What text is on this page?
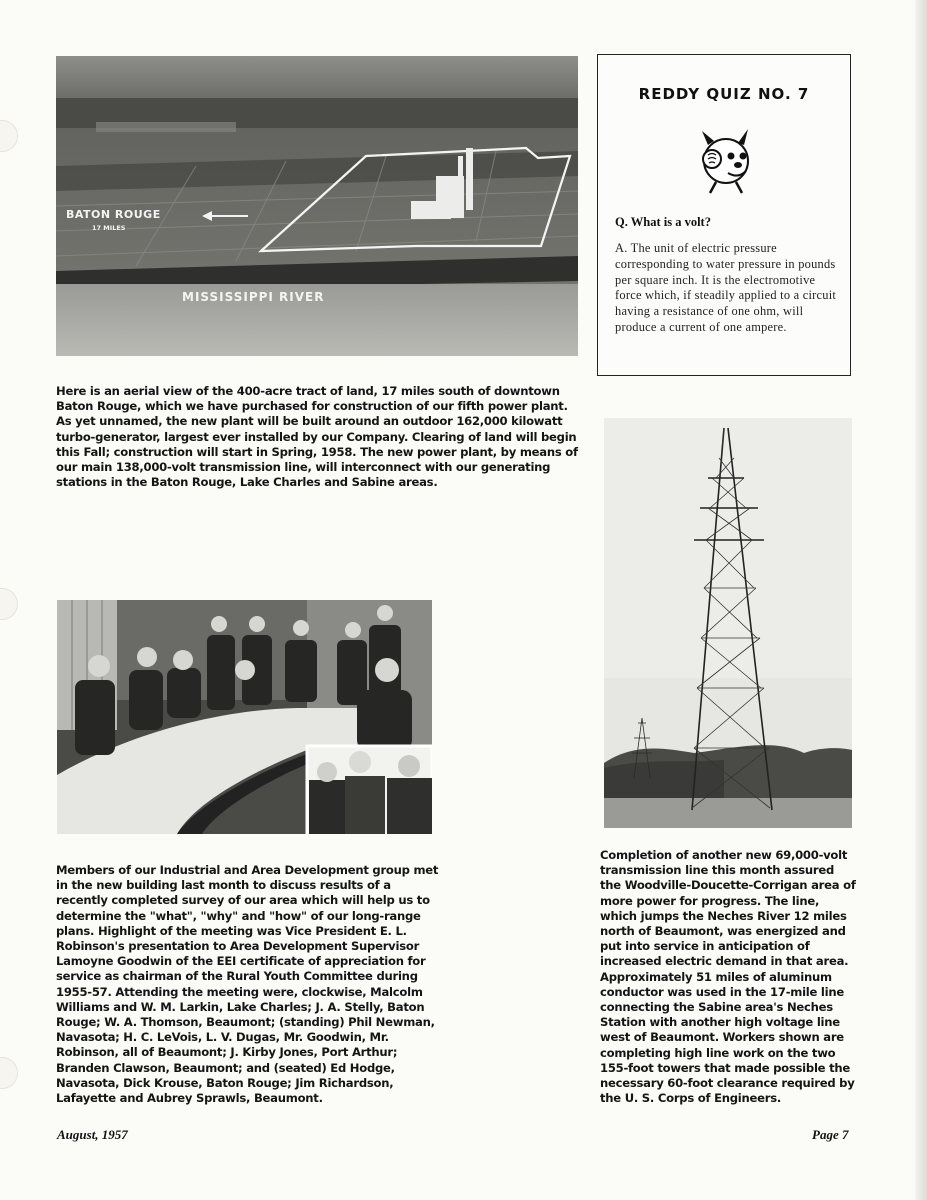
BATON ROUGE
17 MILES
MISSISSIPPI RIVER

Here is an aerial view of the 400-acre tract of land, 17 miles south of downtown Baton Rouge, which we have purchased for construction of our fifth power plant. As yet unnamed, the new plant will be built around an outdoor 162,000 kilowatt turbo-generator, largest ever installed by our Company. Clearing of land will begin this Fall; construction will start in Spring, 1958. The new power plant, by means of our main 138,000-volt transmission line, will interconnect with our generating stations in the Baton Rouge, Lake Charles and Sabine areas.

REDDY QUIZ NO. 7

Q. What is a volt?

A. The unit of electric pressure corresponding to water pressure in pounds per square inch. It is the electromotive force which, if steadily applied to a circuit having a resistance of one ohm, will produce a current of one ampere.

Members of our Industrial and Area Development group met in the new building last month to discuss results of a recently completed survey of our area which will help us to determine the "what", "why" and "how" of our long-range plans. Highlight of the meeting was Vice President E. L. Robinson's presentation to Area Development Supervisor Lamoyne Goodwin of the EEI certificate of appreciation for service as chairman of the Rural Youth Committee during 1955-57. Attending the meeting were, clockwise, Malcolm Williams and W. M. Larkin, Lake Charles; J. A. Stelly, Baton Rouge; W. A. Thomson, Beaumont; (standing) Phil Newman, Navasota; H. C. LeVois, L. V. Dugas, Mr. Goodwin, Mr. Robinson, all of Beaumont; J. Kirby Jones, Port Arthur; Branden Clawson, Beaumont; and (seated) Ed Hodge, Navasota, Dick Krouse, Baton Rouge; Jim Richardson, Lafayette and Aubrey Sprawls, Beaumont.

Completion of another new 69,000-volt transmission line this month assured the Woodville-Doucette-Corrigan area of more power for progress. The line, which jumps the Neches River 12 miles north of Beaumont, was energized and put into service in anticipation of increased electric demand in that area. Approximately 51 miles of aluminum conductor was used in the 17-mile line connecting the Sabine area's Neches Station with another high voltage line west of Beaumont. Workers shown are completing high line work on the two 155-foot towers that made possible the necessary 60-foot clearance required by the U. S. Corps of Engineers.

August, 1957	Page 7
